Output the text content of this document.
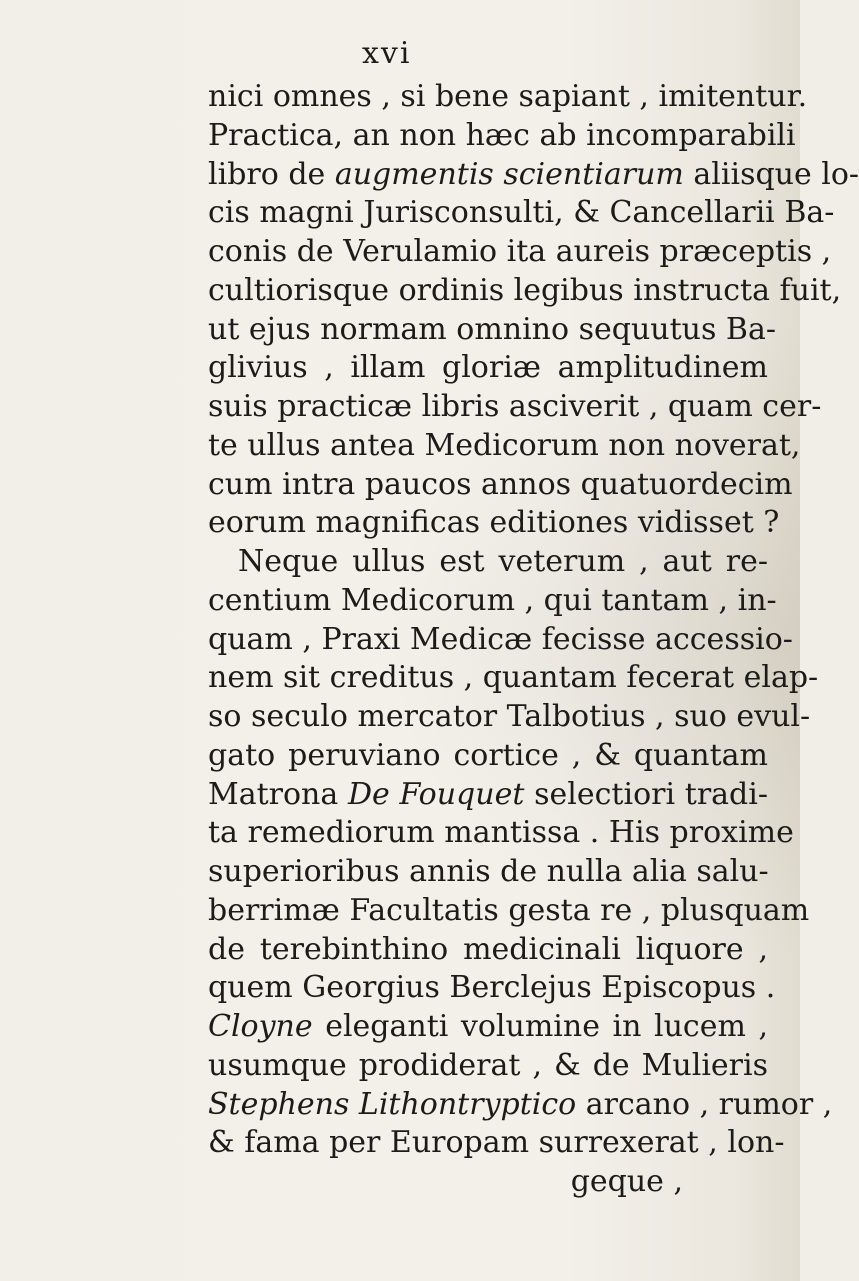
xvi
nici omnes , si bene sapiant , imitentur.
Practica, an non hæc ab incomparabili
libro de augmentis scientiarum aliisque lo-
cis magni Jurisconsulti, & Cancellarii Ba-
conis de Verulamio ita aureis præceptis ,
cultiorisque ordinis legibus instructa fuit,
ut ejus normam omnino sequutus Ba-
glivius , illam gloriæ amplitudinem
suis practicæ libris asciverit , quam cer-
te ullus antea Medicorum non noverat,
cum intra paucos annos quatuordecim
eorum magnificas editiones vidisset ?
Neque ullus est veterum , aut re-
centium Medicorum , qui tantam , in-
quam , Praxi Medicæ fecisse accessio-
nem sit creditus , quantam fecerat elap-
so seculo mercator Talbotius , suo evul-
gato peruviano cortice , & quantam
Matrona De Fouquet selectiori tradi-
ta remediorum mantissa . His proxime
superioribus annis de nulla alia salu-
berrimæ Facultatis gesta re , plusquam
de terebinthino medicinali liquore ,
quem Georgius Berclejus Episcopus .
Cloyne eleganti volumine in lucem ,
usumque prodiderat , & de Mulieris
Stephens Lithontryptico arcano , rumor ,
& fama per Europam surrexerat , lon-
geque ,
